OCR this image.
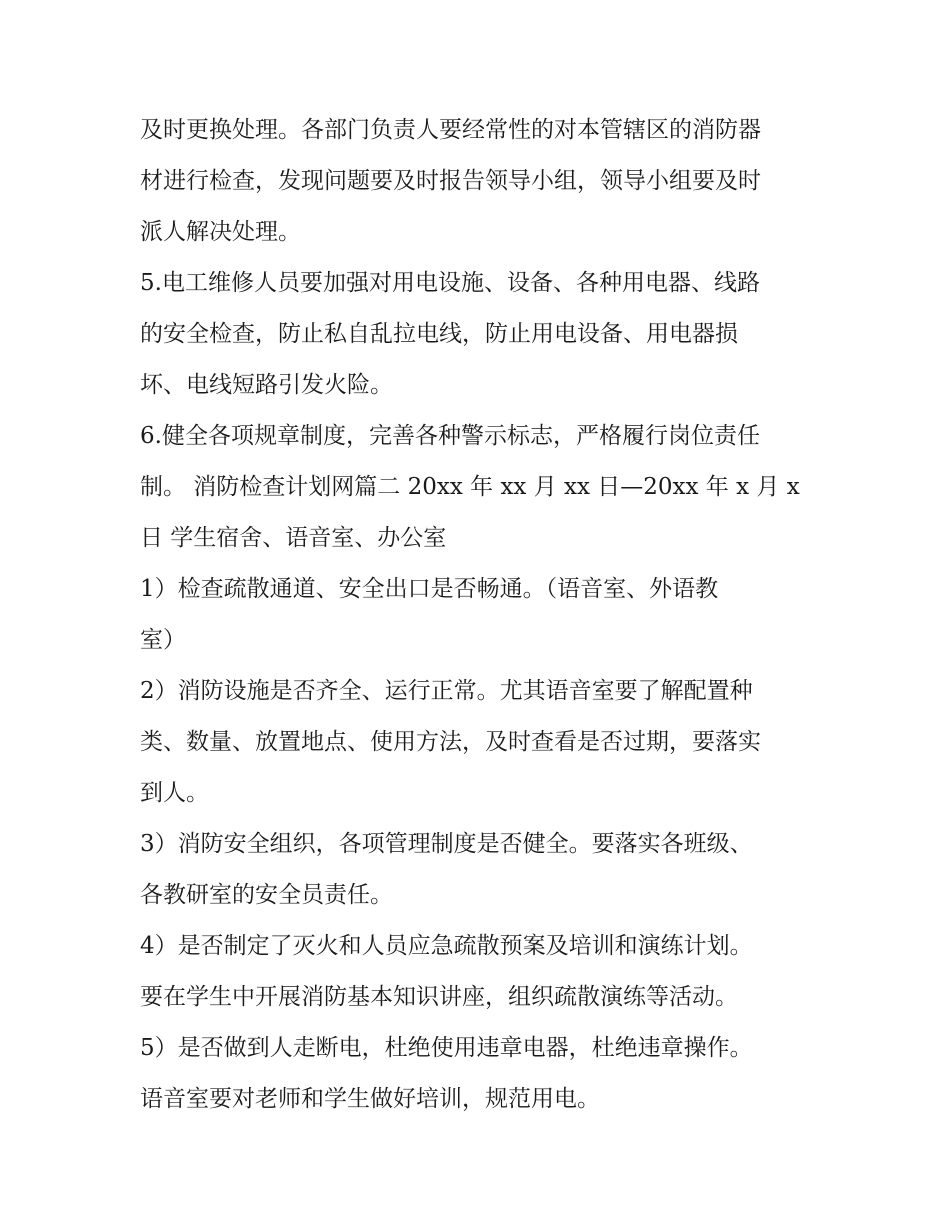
及时更换处理。各部门负责人要经常性的对本管辖区的消防器
材进行检查，发现问题要及时报告领导小组，领导小组要及时
派人解决处理。
5.电工维修人员要加强对用电设施、设备、各种用电器、线路
的安全检查，防止私自乱拉电线，防止用电设备、用电器损
坏、电线短路引发火险。
6.健全各项规章制度，完善各种警示标志，严格履行岗位责任
制。 消防检查计划网篇二 20xx 年 xx 月 xx 日—20xx 年 x 月 x
日 学生宿舍、语音室、办公室
1）检查疏散通道、安全出口是否畅通。（语音室、外语教
室）
2）消防设施是否齐全、运行正常。尤其语音室要了解配置种
类、数量、放置地点、使用方法，及时查看是否过期，要落实
到人。
3）消防安全组织，各项管理制度是否健全。要落实各班级、
各教研室的安全员责任。
4）是否制定了灭火和人员应急疏散预案及培训和演练计划。
要在学生中开展消防基本知识讲座，组织疏散演练等活动。
5）是否做到人走断电，杜绝使用违章电器，杜绝违章操作。
语音室要对老师和学生做好培训，规范用电。
